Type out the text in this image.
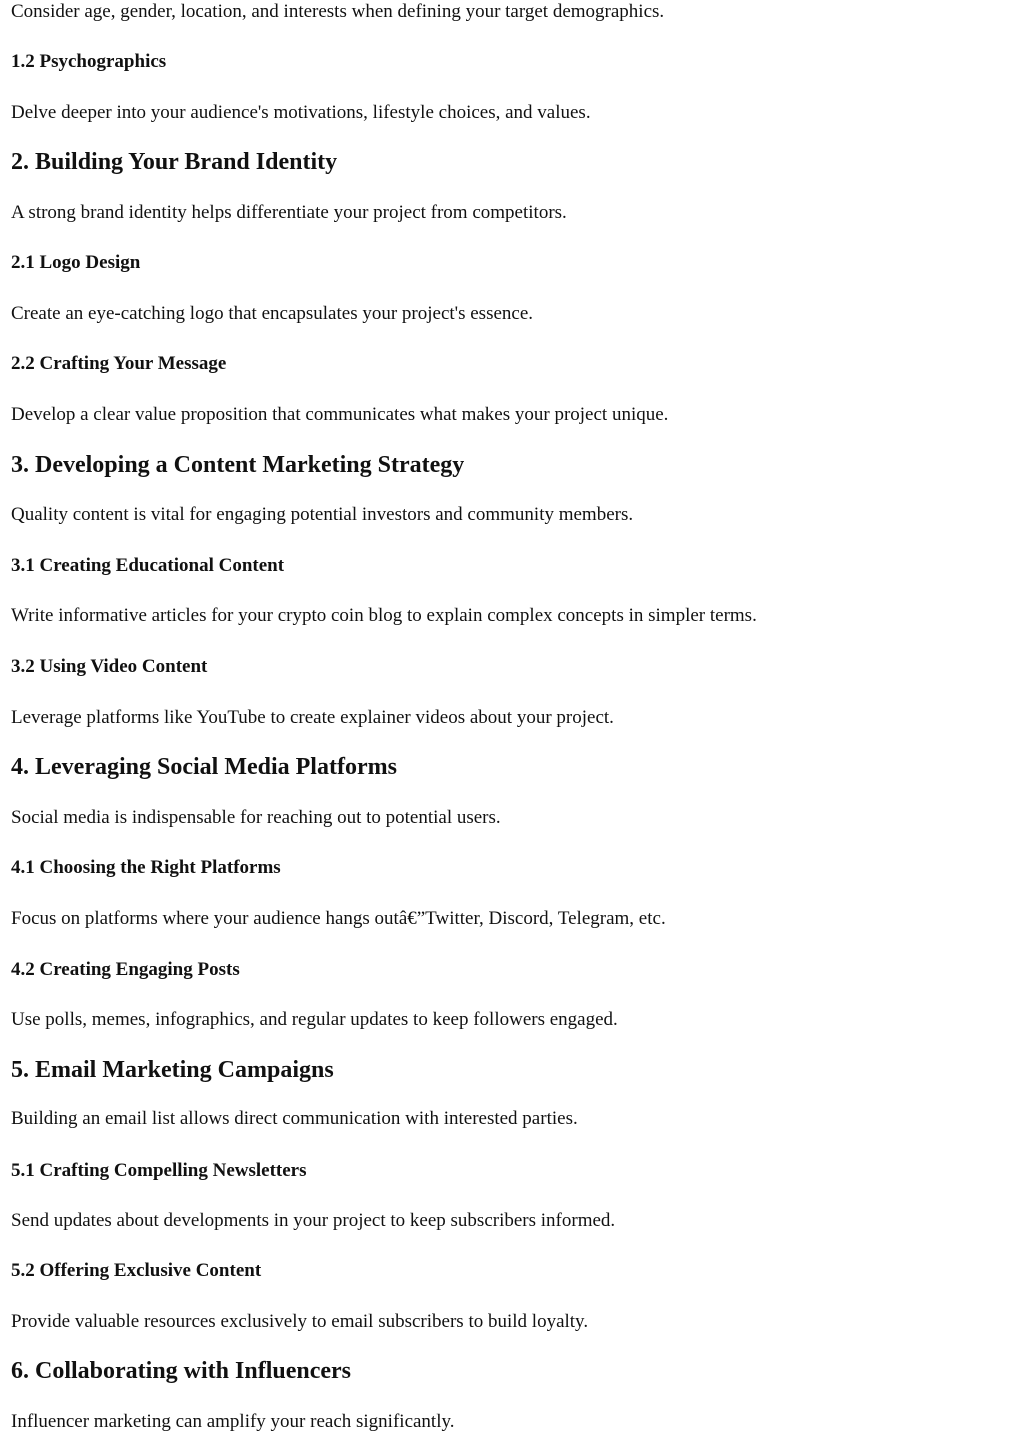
Consider age, gender, location, and interests when defining your target demographics.

1.2 Psychographics

Delve deeper into your audience's motivations, lifestyle choices, and values.

2. Building Your Brand Identity

A strong brand identity helps differentiate your project from competitors.

2.1 Logo Design

Create an eye-catching logo that encapsulates your project's essence.

2.2 Crafting Your Message

Develop a clear value proposition that communicates what makes your project unique.

3. Developing a Content Marketing Strategy

Quality content is vital for engaging potential investors and community members.

3.1 Creating Educational Content

Write informative articles for your crypto coin blog to explain complex concepts in simpler terms.

3.2 Using Video Content

Leverage platforms like YouTube to create explainer videos about your project.

4. Leveraging Social Media Platforms

Social media is indispensable for reaching out to potential users.

4.1 Choosing the Right Platforms

Focus on platforms where your audience hangs outâ€”Twitter, Discord, Telegram, etc.

4.2 Creating Engaging Posts

Use polls, memes, infographics, and regular updates to keep followers engaged.

5. Email Marketing Campaigns

Building an email list allows direct communication with interested parties.

5.1 Crafting Compelling Newsletters

Send updates about developments in your project to keep subscribers informed.

5.2 Offering Exclusive Content

Provide valuable resources exclusively to email subscribers to build loyalty.

6. Collaborating with Influencers

Influencer marketing can amplify your reach significantly.
